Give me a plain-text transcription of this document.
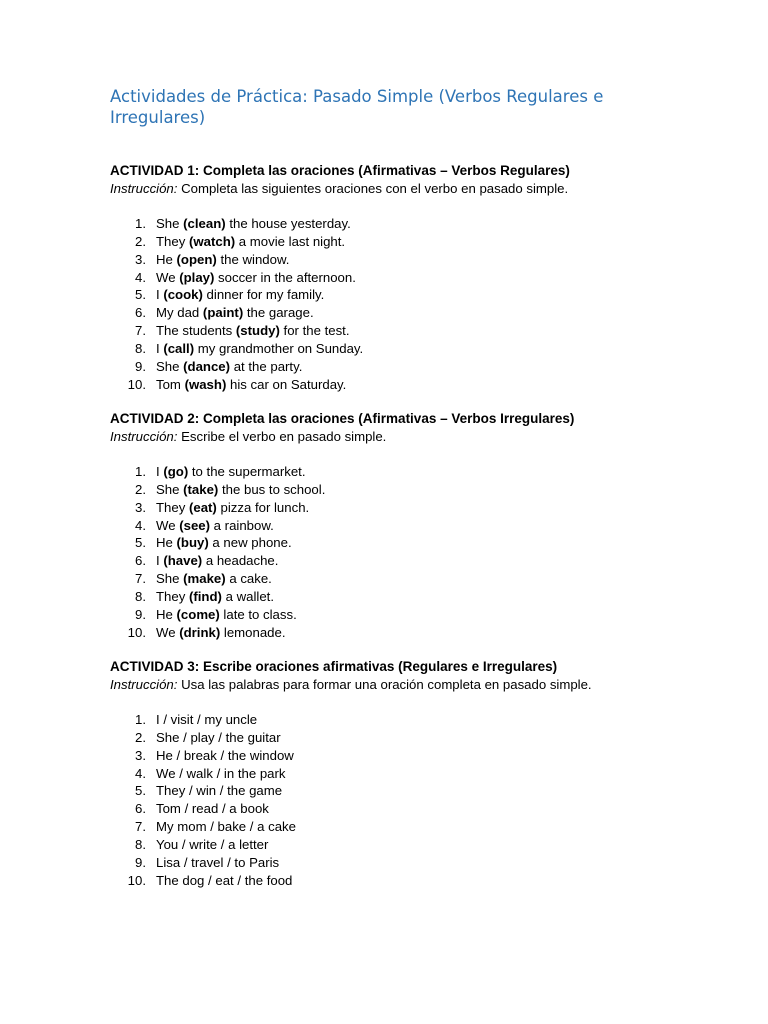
Actividades de Práctica: Pasado Simple (Verbos Regulares e Irregulares)

ACTIVIDAD 1: Completa las oraciones (Afirmativas – Verbos Regulares)

Instrucción: Completa las siguientes oraciones con el verbo en pasado simple.

1. She (clean) the house yesterday.
2. They (watch) a movie last night.
3. He (open) the window.
4. We (play) soccer in the afternoon.
5. I (cook) dinner for my family.
6. My dad (paint) the garage.
7. The students (study) for the test.
8. I (call) my grandmother on Sunday.
9. She (dance) at the party.
10. Tom (wash) his car on Saturday.

ACTIVIDAD 2: Completa las oraciones (Afirmativas – Verbos Irregulares)

Instrucción: Escribe el verbo en pasado simple.

1. I (go) to the supermarket.
2. She (take) the bus to school.
3. They (eat) pizza for lunch.
4. We (see) a rainbow.
5. He (buy) a new phone.
6. I (have) a headache.
7. She (make) a cake.
8. They (find) a wallet.
9. He (come) late to class.
10. We (drink) lemonade.

ACTIVIDAD 3: Escribe oraciones afirmativas (Regulares e Irregulares)

Instrucción: Usa las palabras para formar una oración completa en pasado simple.

1. I / visit / my uncle
2. She / play / the guitar
3. He / break / the window
4. We / walk / in the park
5. They / win / the game
6. Tom / read / a book
7. My mom / bake / a cake
8. You / write / a letter
9. Lisa / travel / to Paris
10. The dog / eat / the food
